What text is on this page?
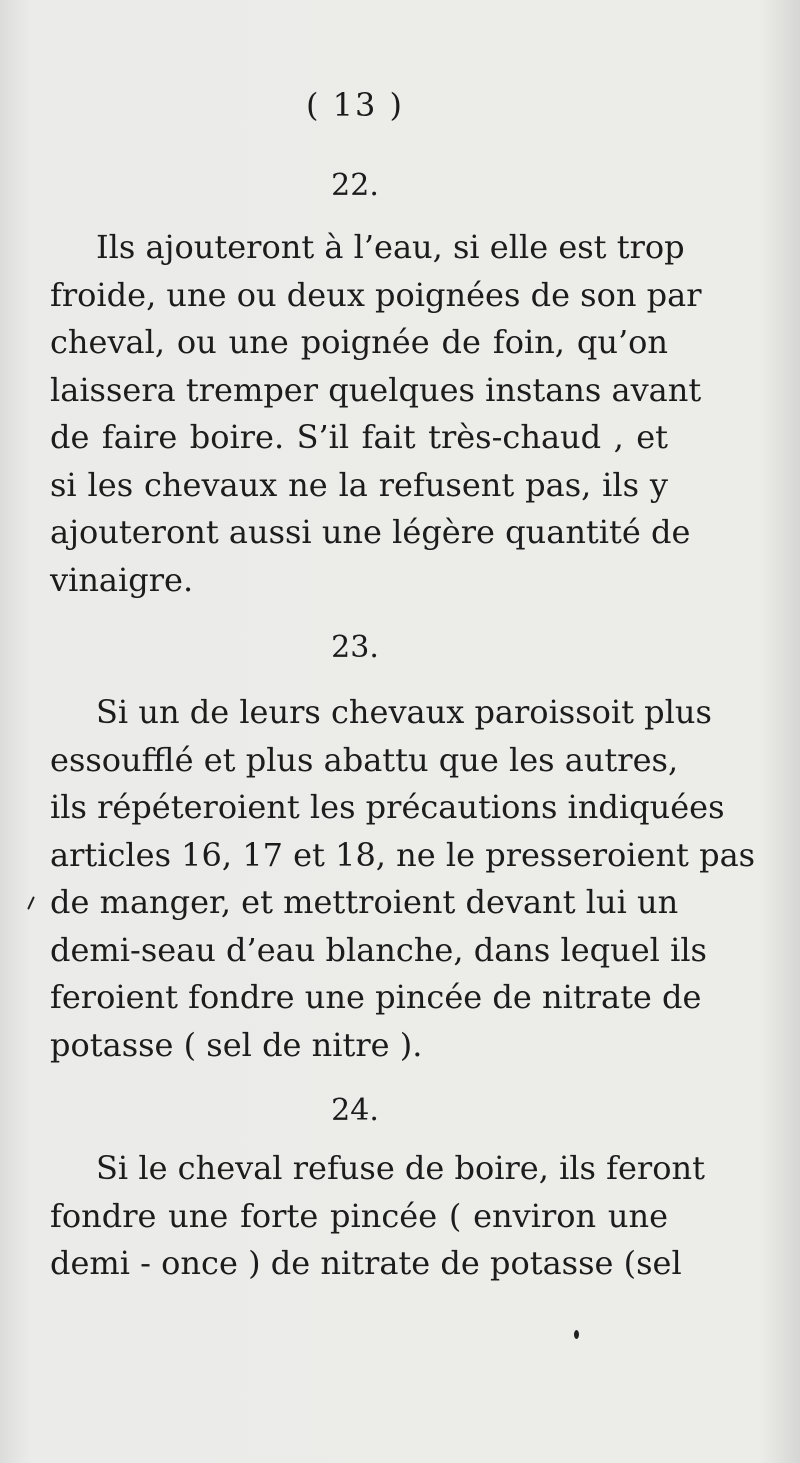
( 13 )
22.
Ils ajouteront à l’eau, si elle est trop
froide, une ou deux poignées de son par
cheval, ou une poignée de foin, qu’on
laissera tremper quelques instans avant
de faire boire. S’il fait très-chaud , et
si les chevaux ne la refusent pas, ils y
ajouteront aussi une légère quantité de
vinaigre.
23.
Si un de leurs chevaux paroissoit plus
essoufflé et plus abattu que les autres,
ils répéteroient les précautions indiquées
articles 16, 17 et 18, ne le presseroient pas
de manger, et mettroient devant lui un
demi-seau d’eau blanche, dans lequel ils
feroient fondre une pincée de nitrate de
potasse ( sel de nitre ).
24.
Si le cheval refuse de boire, ils feront
fondre une forte pincée ( environ une
demi - once ) de nitrate de potasse (sel
